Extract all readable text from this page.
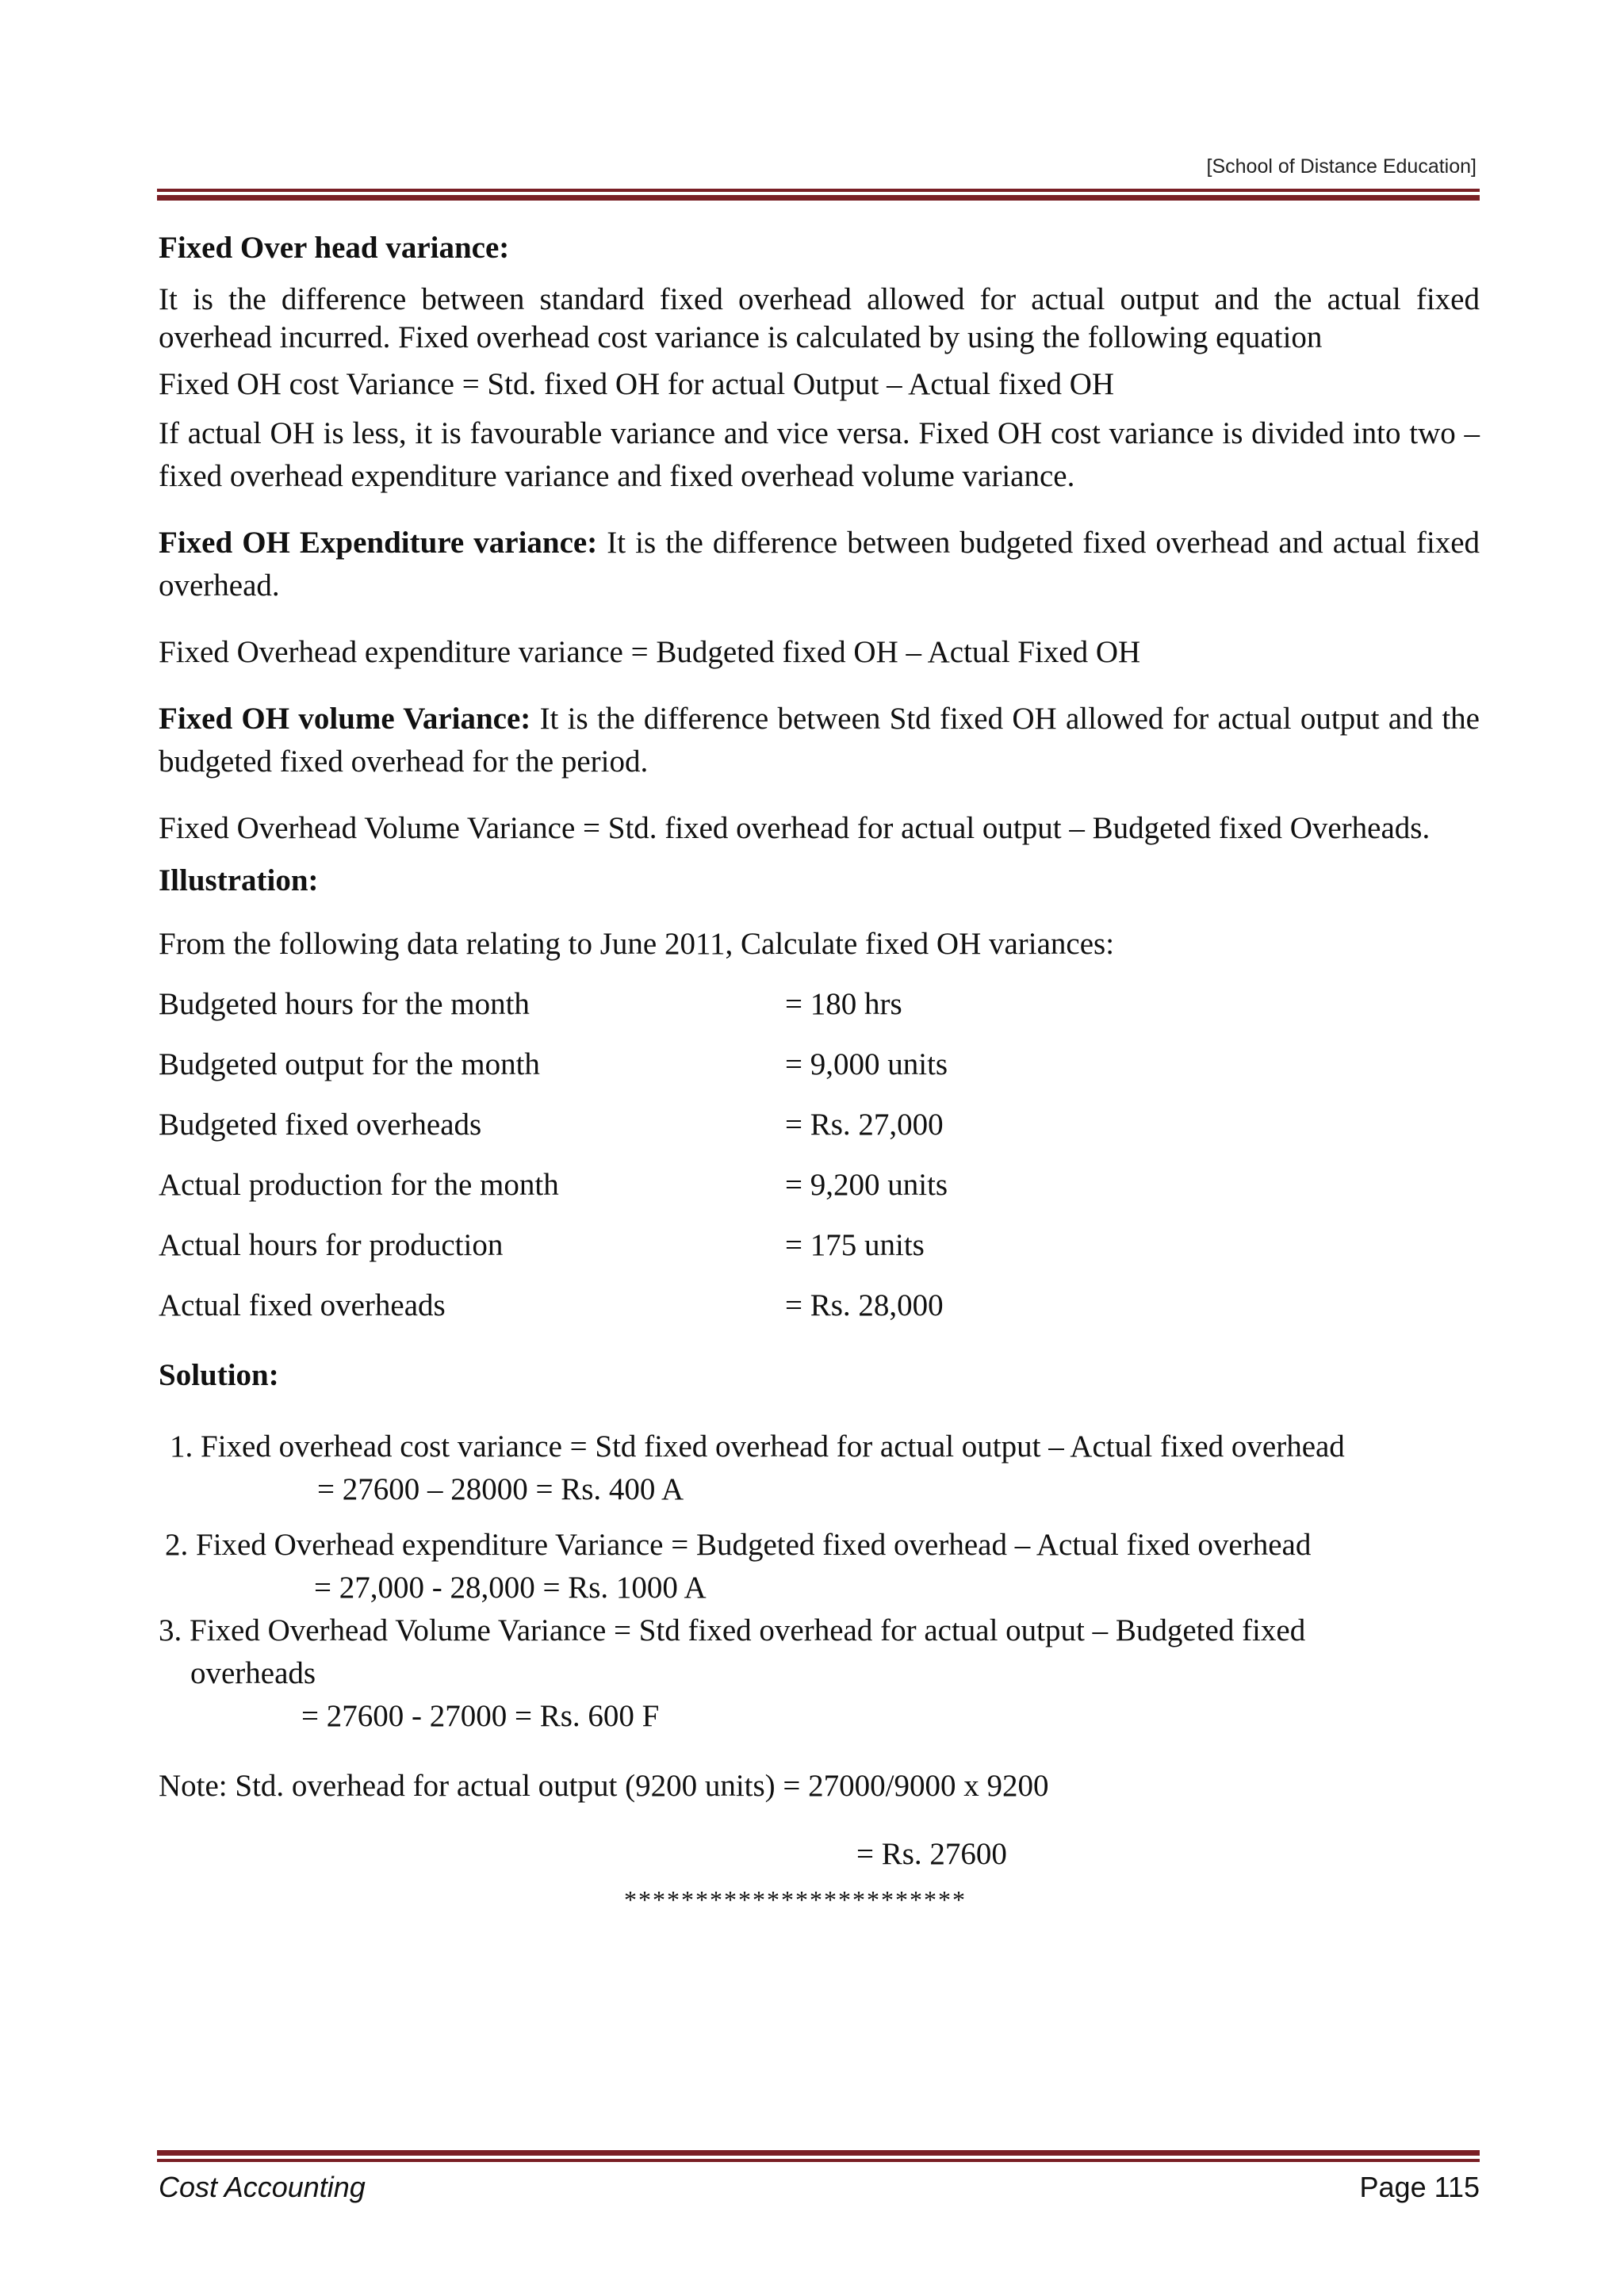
[School of Distance Education]

Fixed Over head variance:

It is the difference between standard fixed overhead allowed for actual output and the actual fixed overhead incurred. Fixed overhead cost variance is calculated by using the following equation

Fixed OH cost Variance = Std. fixed OH for actual Output – Actual fixed OH

If actual OH is less, it is favourable variance and vice versa. Fixed OH cost variance is divided into two – fixed overhead expenditure variance and fixed overhead volume variance.

Fixed OH Expenditure variance: It is the difference between budgeted fixed overhead and actual fixed overhead.

Fixed Overhead expenditure variance = Budgeted fixed OH – Actual Fixed OH

Fixed OH volume Variance: It is the difference between Std fixed OH allowed for actual output and the budgeted fixed overhead for the period.

Fixed Overhead Volume Variance = Std. fixed overhead for actual output – Budgeted fixed Overheads.

Illustration:

From the following data relating to June 2011, Calculate fixed OH variances:

Budgeted hours for the month	= 180 hrs
Budgeted output for the month	= 9,000 units
Budgeted fixed overheads	= Rs. 27,000
Actual production for the month	= 9,200 units
Actual hours for production	= 175 units
Actual fixed overheads	= Rs. 28,000

Solution:

1. Fixed overhead cost variance = Std fixed overhead for actual output – Actual fixed overhead

= 27600 – 28000 = Rs. 400 A

2. Fixed Overhead expenditure Variance = Budgeted fixed overhead – Actual fixed overhead

= 27,000 - 28,000 = Rs. 1000 A

3. Fixed Overhead Volume Variance = Std fixed overhead for actual output – Budgeted fixed

overheads

= 27600 - 27000 = Rs. 600 F

Note: Std. overhead for actual output (9200 units) = 27000/9000 x 9200

= Rs. 27600

************************

Cost Accounting	Page 115
